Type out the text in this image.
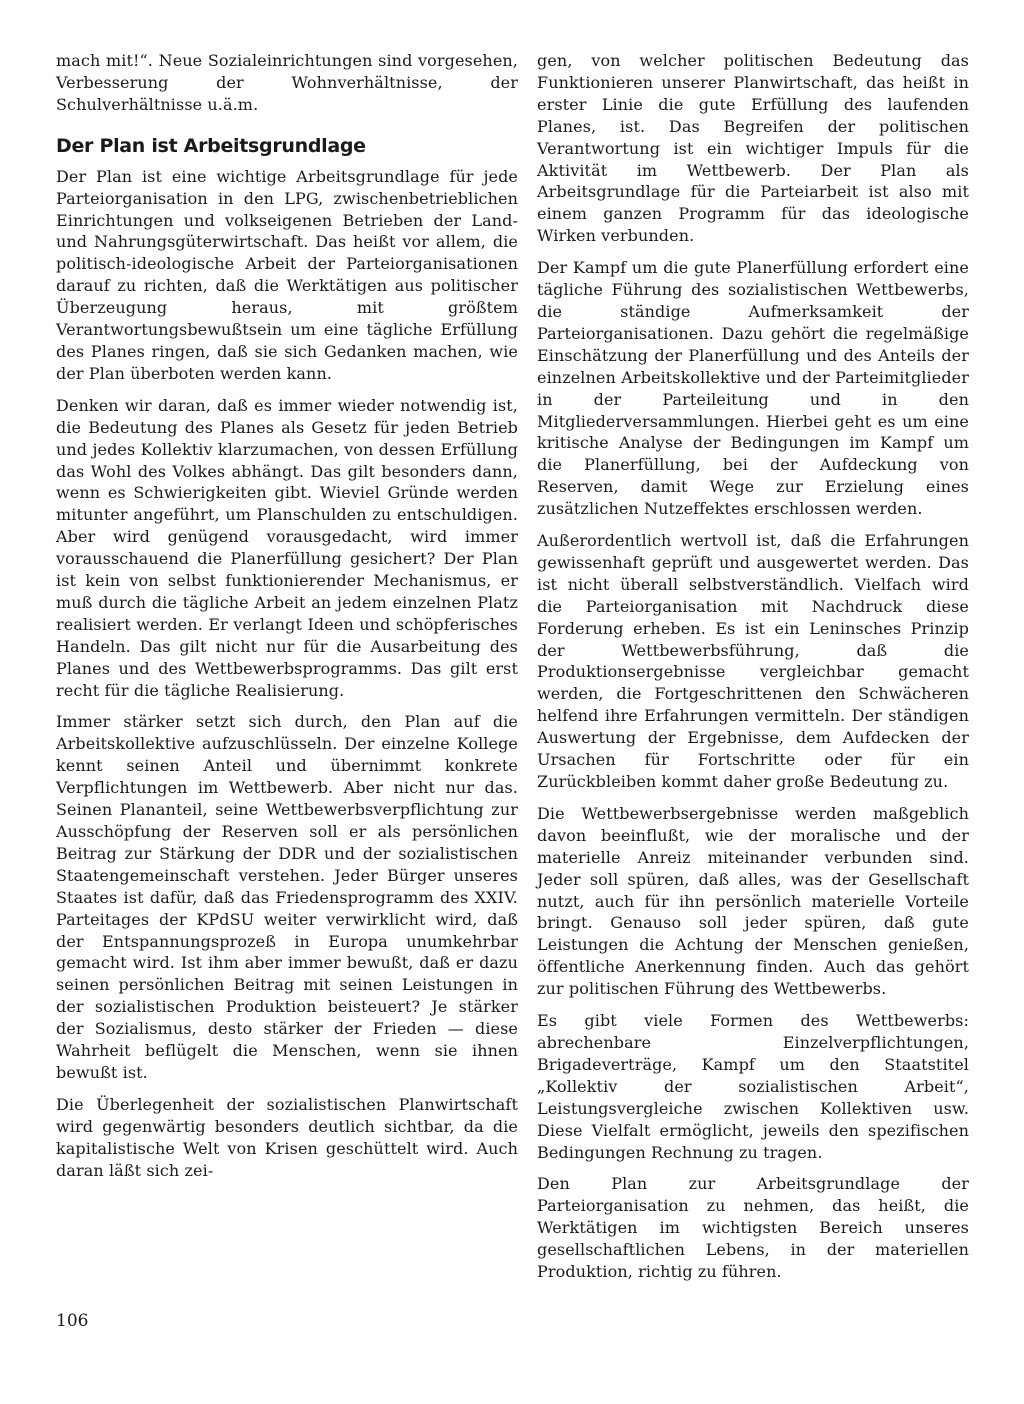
mach mit!“. Neue Sozialeinrichtungen sind vorgesehen, Verbesserung der Wohnverhältnisse, der Schulverhältnisse u.ä.m.

Der Plan ist Arbeitsgrundlage

Der Plan ist eine wichtige Arbeitsgrundlage für jede Parteiorganisation in den LPG, zwischenbetrieblichen Einrichtungen und volkseigenen Betrieben der Land- und Nahrungsgüterwirtschaft. Das heißt vor allem, die politisch-ideologische Arbeit der Parteiorganisationen darauf zu richten, daß die Werktätigen aus politischer Überzeugung heraus, mit größtem Verantwortungsbewußtsein um eine tägliche Erfüllung des Planes ringen, daß sie sich Gedanken machen, wie der Plan überboten werden kann.

Denken wir daran, daß es immer wieder notwendig ist, die Bedeutung des Planes als Gesetz für jeden Betrieb und jedes Kollektiv klarzumachen, von dessen Erfüllung das Wohl des Volkes abhängt. Das gilt besonders dann, wenn es Schwierigkeiten gibt. Wieviel Gründe werden mitunter angeführt, um Planschulden zu entschuldigen. Aber wird genügend vorausgedacht, wird immer vorausschauend die Planerfüllung gesichert? Der Plan ist kein von selbst funktionierender Mechanismus, er muß durch die tägliche Arbeit an jedem einzelnen Platz realisiert werden. Er verlangt Ideen und schöpferisches Handeln. Das gilt nicht nur für die Ausarbeitung des Planes und des Wettbewerbsprogramms. Das gilt erst recht für die tägliche Realisierung.

Immer stärker setzt sich durch, den Plan auf die Arbeitskollektive aufzuschlüsseln. Der einzelne Kollege kennt seinen Anteil und übernimmt konkrete Verpflichtungen im Wettbewerb. Aber nicht nur das. Seinen Plananteil, seine Wettbewerbsverpflichtung zur Ausschöpfung der Reserven soll er als persönlichen Beitrag zur Stärkung der DDR und der sozialistischen Staatengemeinschaft verstehen. Jeder Bürger unseres Staates ist dafür, daß das Friedensprogramm des XXIV. Parteitages der KPdSU weiter verwirklicht wird, daß der Entspannungsprozeß in Europa unumkehrbar gemacht wird. Ist ihm aber immer bewußt, daß er dazu seinen persönlichen Beitrag mit seinen Leistungen in der sozialistischen Produktion beisteuert? Je stärker der Sozialismus, desto stärker der Frieden — diese Wahrheit beflügelt die Menschen, wenn sie ihnen bewußt ist.

Die Überlegenheit der sozialistischen Planwirtschaft wird gegenwärtig besonders deutlich sichtbar, da die kapitalistische Welt von Krisen geschüttelt wird. Auch daran läßt sich zei-

gen, von welcher politischen Bedeutung das Funktionieren unserer Planwirtschaft, das heißt in erster Linie die gute Erfüllung des laufenden Planes, ist. Das Begreifen der politischen Verantwortung ist ein wichtiger Impuls für die Aktivität im Wettbewerb. Der Plan als Arbeitsgrundlage für die Parteiarbeit ist also mit einem ganzen Programm für das ideologische Wirken verbunden.

Der Kampf um die gute Planerfüllung erfordert eine tägliche Führung des sozialistischen Wettbewerbs, die ständige Aufmerksamkeit der Parteiorganisationen. Dazu gehört die regelmäßige Einschätzung der Planerfüllung und des Anteils der einzelnen Arbeitskollektive und der Parteimitglieder in der Parteileitung und in den Mitgliederversammlungen. Hierbei geht es um eine kritische Analyse der Bedingungen im Kampf um die Planerfüllung, bei der Aufdeckung von Reserven, damit Wege zur Erzielung eines zusätzlichen Nutzeffektes erschlossen werden.

Außerordentlich wertvoll ist, daß die Erfahrungen gewissenhaft geprüft und ausgewertet werden. Das ist nicht überall selbstverständlich. Vielfach wird die Parteiorganisation mit Nachdruck diese Forderung erheben. Es ist ein Leninsches Prinzip der Wettbewerbsführung, daß die Produktionsergebnisse vergleichbar gemacht werden, die Fortgeschrittenen den Schwächeren helfend ihre Erfahrungen vermitteln. Der ständigen Auswertung der Ergebnisse, dem Aufdecken der Ursachen für Fortschritte oder für ein Zurückbleiben kommt daher große Bedeutung zu.

Die Wettbewerbsergebnisse werden maßgeblich davon beeinflußt, wie der moralische und der materielle Anreiz miteinander verbunden sind. Jeder soll spüren, daß alles, was der Gesellschaft nutzt, auch für ihn persönlich materielle Vorteile bringt. Genauso soll jeder spüren, daß gute Leistungen die Achtung der Menschen genießen, öffentliche Anerkennung finden. Auch das gehört zur politischen Führung des Wettbewerbs.

Es gibt viele Formen des Wettbewerbs: abrechenbare Einzelverpflichtungen, Brigadeverträge, Kampf um den Staatstitel „Kollektiv der sozialistischen Arbeit“, Leistungsvergleiche zwischen Kollektiven usw. Diese Vielfalt ermöglicht, jeweils den spezifischen Bedingungen Rechnung zu tragen.

Den Plan zur Arbeitsgrundlage der Parteiorganisation zu nehmen, das heißt, die Werktätigen im wichtigsten Bereich unseres gesellschaftlichen Lebens, in der materiellen Produktion, richtig zu führen.

106
